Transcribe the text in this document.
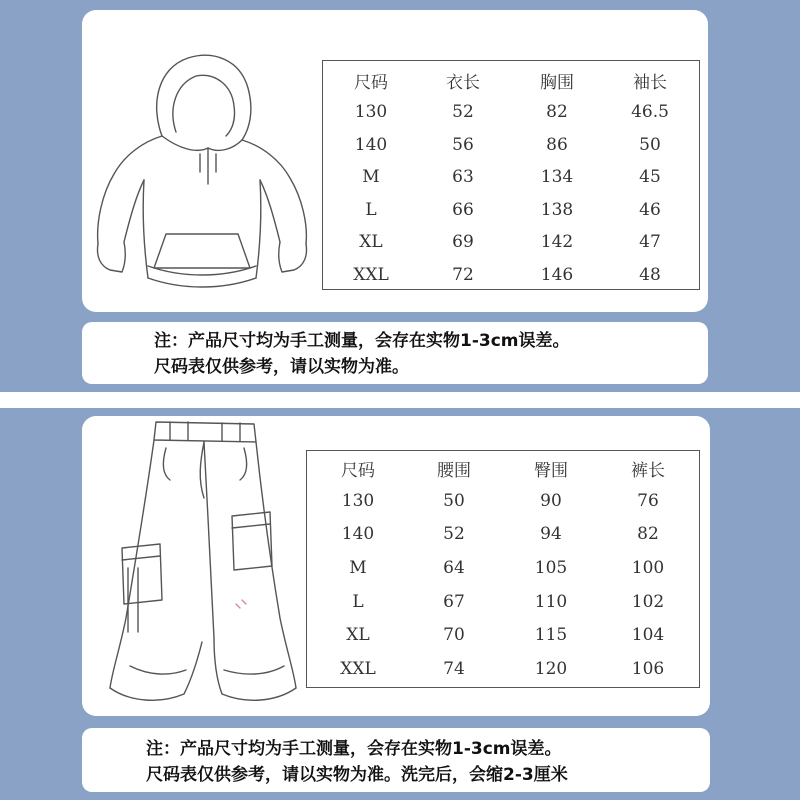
尺码	衣长	胸围	袖长
130	52	82	46.5
140	56	86	50
M	63	134	45
L	66	138	46
XL	69	142	47
XXL	72	146	48
注：产品尺寸均为手工测量，会存在实物1-3cm误差。
尺码表仅供参考，请以实物为准。
尺码	腰围	臀围	裤长
130	50	90	76
140	52	94	82
M	64	105	100
L	67	110	102
XL	70	115	104
XXL	74	120	106
注：产品尺寸均为手工测量，会存在实物1-3cm误差。
尺码表仅供参考，请以实物为准。洗完后，会缩2-3厘米
